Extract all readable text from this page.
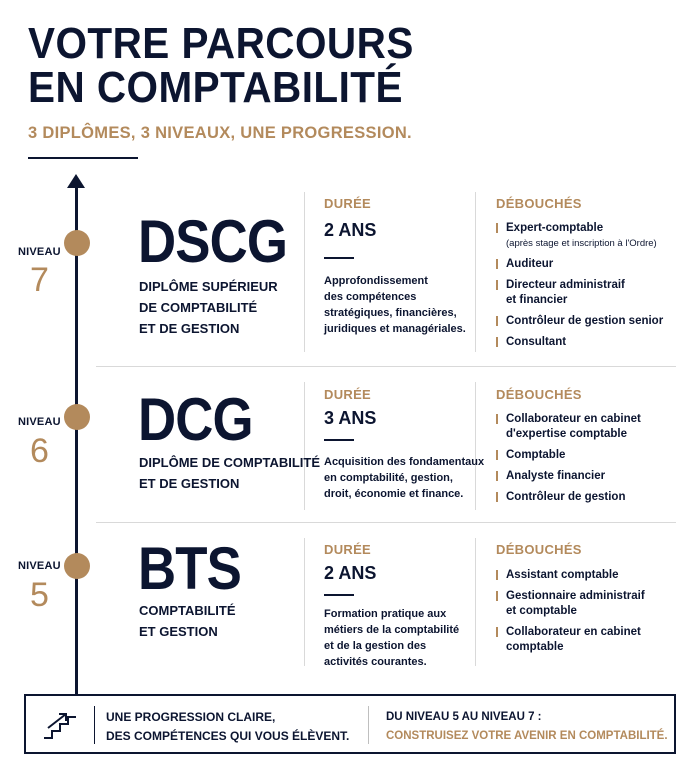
VOTRE PARCOURS
EN COMPTABILITÉ
3 DIPLÔMES, 3 NIVEAUX, UNE PROGRESSION.
NIVEAU
7
NIVEAU
6
NIVEAU
5
DSCG
DIPLÔME SUPÉRIEUR
DE COMPTABILITÉ
ET DE GESTION
DURÉE
2 ANS
Approfondissement
des compétences
stratégiques, financières,
juridiques et managériales.
DÉBOUCHÉS
Expert-comptable
(après stage et inscription à l'Ordre)
Auditeur
Directeur administraif
et financier
Contrôleur de gestion senior
Consultant
DCG
DIPLÔME DE COMPTABILITÉ
ET DE GESTION
DURÉE
3 ANS
Acquisition des fondamentaux
en comptabilité, gestion,
droit, économie et finance.
DÉBOUCHÉS
Collaborateur en cabinet
d'expertise comptable
Comptable
Analyste financier
Contrôleur de gestion
BTS
COMPTABILITÉ
ET GESTION
DURÉE
2 ANS
Formation pratique aux
métiers de la comptabilité
et de la gestion des
activités courantes.
DÉBOUCHÉS
Assistant comptable
Gestionnaire administraif
et comptable
Collaborateur en cabinet
comptable
UNE PROGRESSION CLAIRE,
DES COMPÉTENCES QUI VOUS ÉLÈVENT.
DU NIVEAU 5 AU NIVEAU 7 :
CONSTRUISEZ VOTRE AVENIR EN COMPTABILITÉ.
